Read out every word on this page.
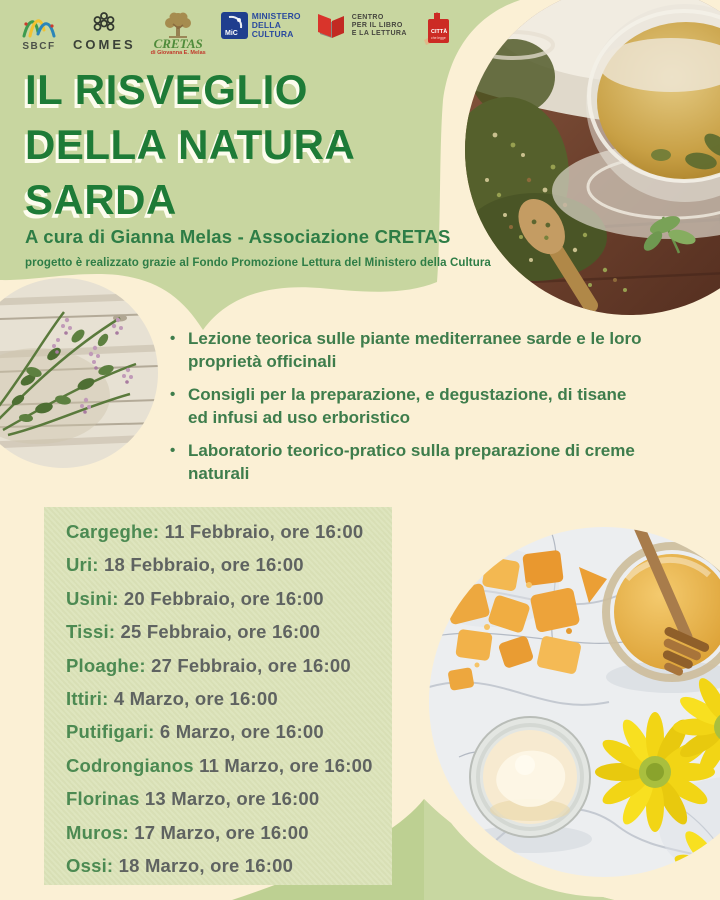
SBCF COMES CRETAS
di Giovanna E. Melas
MiC
MINISTERO
DELLA
CULTURA
CENTRO
PER IL LIBRO
E LA LETTURA	CITTÀ
che legge
IL RISVEGLIO
DELLA NATURA
SARDA
A cura di Gianna Melas - Associazione CRETAS
progetto è realizzato grazie al Fondo Promozione Lettura del Ministero della Cultura
• Lezione teorica sulle piante mediterranee sarde e le loro proprietà officinali
• Consigli per la preparazione, e degustazione, di tisane ed infusi ad uso erboristico
• Laboratorio teorico-pratico sulla preparazione di creme naturali
Cargeghe: 11 Febbraio, ore 16:00
Uri: 18 Febbraio, ore 16:00
Usini: 20 Febbraio, ore 16:00
Tissi: 25 Febbraio, ore 16:00
Ploaghe: 27 Febbraio, ore 16:00
Ittiri: 4 Marzo, ore 16:00
Putifigari: 6 Marzo, ore 16:00
Codrongianos 11 Marzo, ore 16:00
Florinas 13 Marzo, ore 16:00
Muros: 17 Marzo, ore 16:00
Ossi: 18 Marzo, ore 16:00
